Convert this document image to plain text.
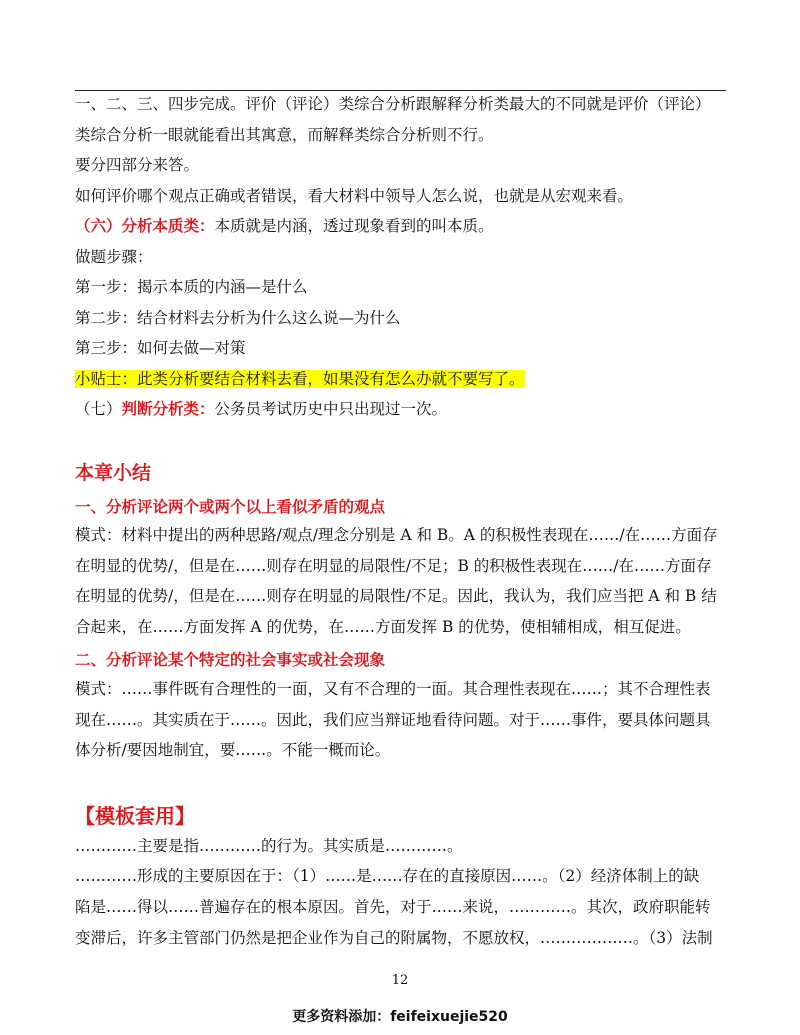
一、二、三、四步完成。评价（评论）类综合分析跟解释分析类最大的不同就是评价（评论）
类综合分析一眼就能看出其寓意，而解释类综合分析则不行。
要分四部分来答。
如何评价哪个观点正确或者错误，看大材料中领导人怎么说，也就是从宏观来看。
（六）分析本质类：本质就是内涵，透过现象看到的叫本质。
做题步骤：
第一步：揭示本质的内涵—是什么
第二步：结合材料去分析为什么这么说—为什么
第三步：如何去做—对策
小贴士：此类分析要结合材料去看，如果没有怎么办就不要写了。
（七）判断分析类：公务员考试历史中只出现过一次。
本章小结
一、分析评论两个或两个以上看似矛盾的观点
模式：材料中提出的两种思路/观点/理念分别是 A 和 B。A 的积极性表现在……/在……方面存
在明显的优势/，但是在……则存在明显的局限性/不足；B 的积极性表现在……/在……方面存
在明显的优势/，但是在……则存在明显的局限性/不足。因此，我认为，我们应当把 A 和 B 结
合起来，在……方面发挥 A 的优势，在……方面发挥 B 的优势，使相辅相成，相互促进。
二、分析评论某个特定的社会事实或社会现象
模式：……事件既有合理性的一面，又有不合理的一面。其合理性表现在……；其不合理性表
现在……。其实质在于……。因此，我们应当辩证地看待问题。对于……事件，要具体问题具
体分析/要因地制宜，要……。不能一概而论。
【模板套用】
…………主要是指…………的行为。其实质是…………。
…………形成的主要原因在于：（1）……是……存在的直接原因……。（2）经济体制上的缺
陷是……得以……普遍存在的根本原因。首先，对于……来说，…………。其次，政府职能转
变滞后，许多主管部门仍然是把企业作为自己的附属物，不愿放权，………………。（3）法制
12
更多资料添加：feifeixuejie520
